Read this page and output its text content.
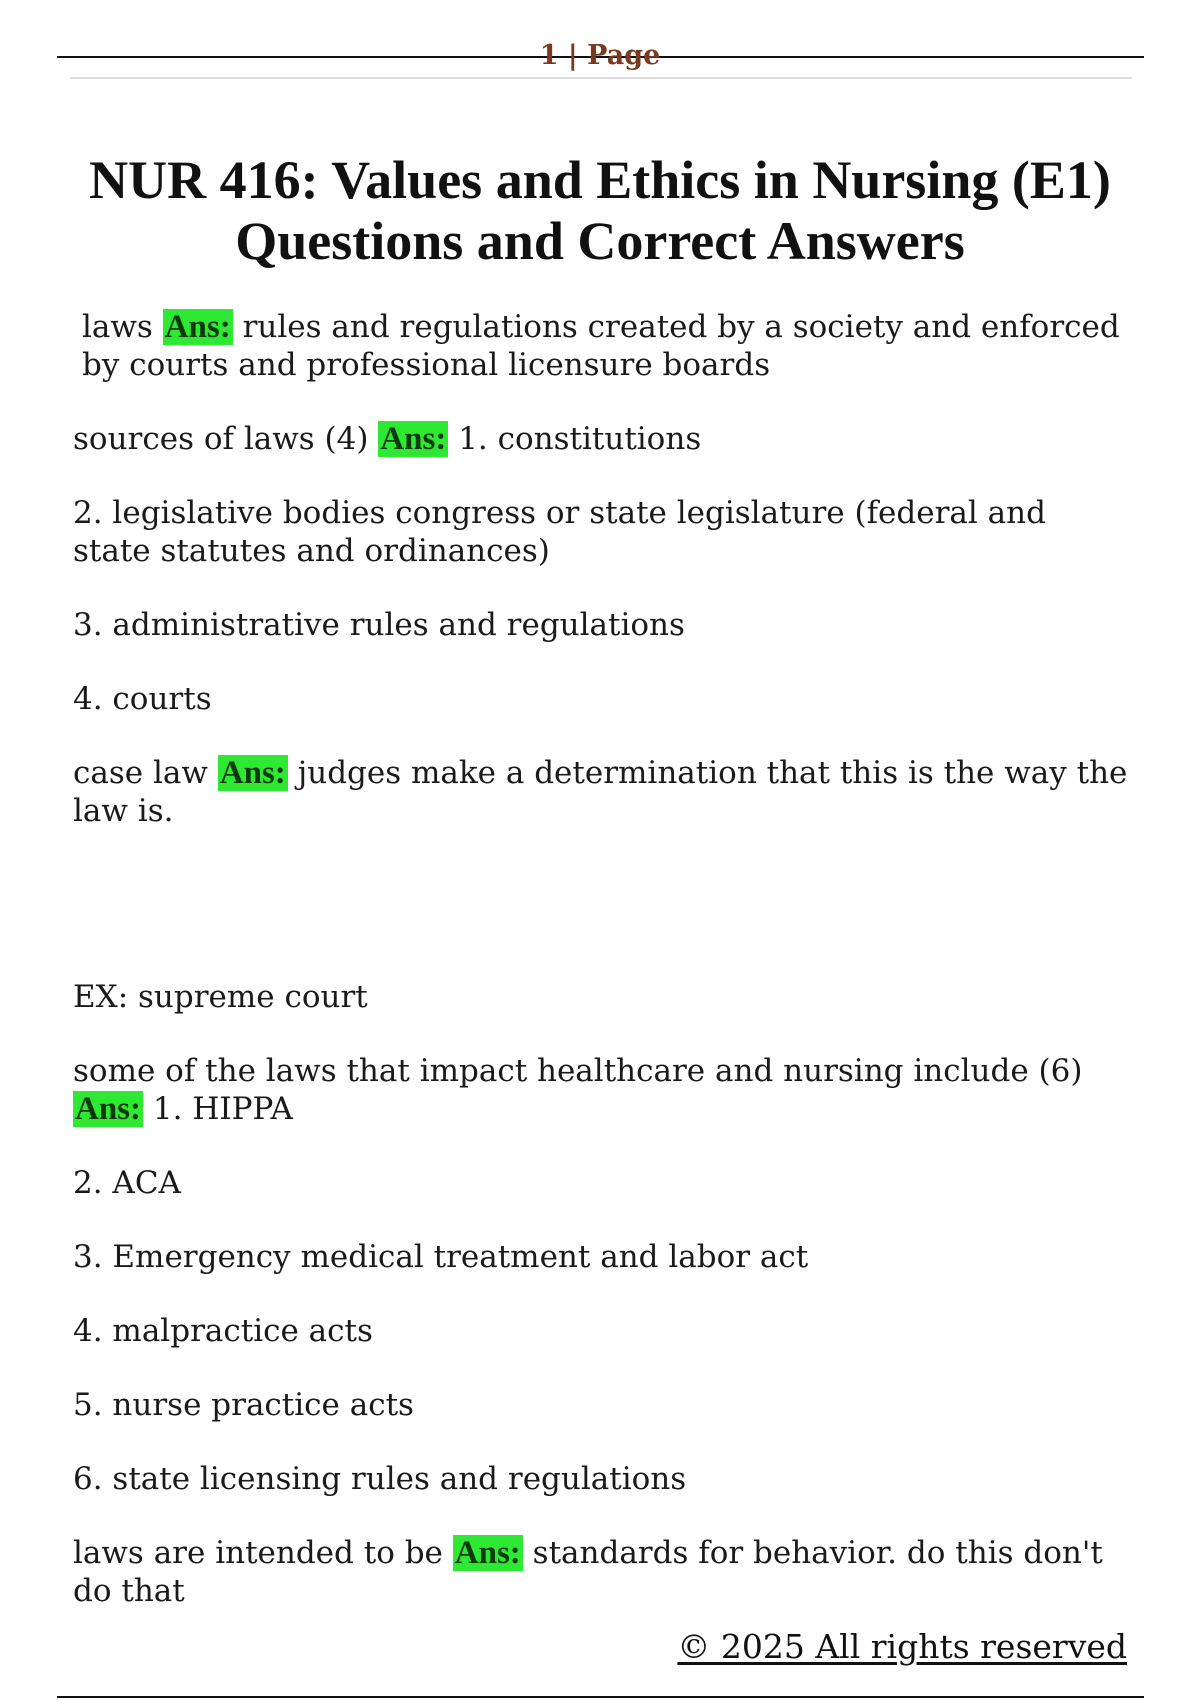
1 | Page
NUR 416: Values and Ethics in Nursing (E1)
Questions and Correct Answers

laws Ans: rules and regulations created by a society and enforced by courts and professional licensure boards

sources of laws (4) Ans: 1. constitutions

2. legislative bodies congress or state legislature (federal and state statutes and ordinances)

3. administrative rules and regulations

4. courts

case law Ans: judges make a determination that this is the way the law is.

EX: supreme court

some of the laws that impact healthcare and nursing include (6) Ans: 1. HIPPA

2. ACA

3. Emergency medical treatment and labor act

4. malpractice acts

5. nurse practice acts

6. state licensing rules and regulations

laws are intended to be Ans: standards for behavior. do this don't do that

© 2025 All rights reserved
